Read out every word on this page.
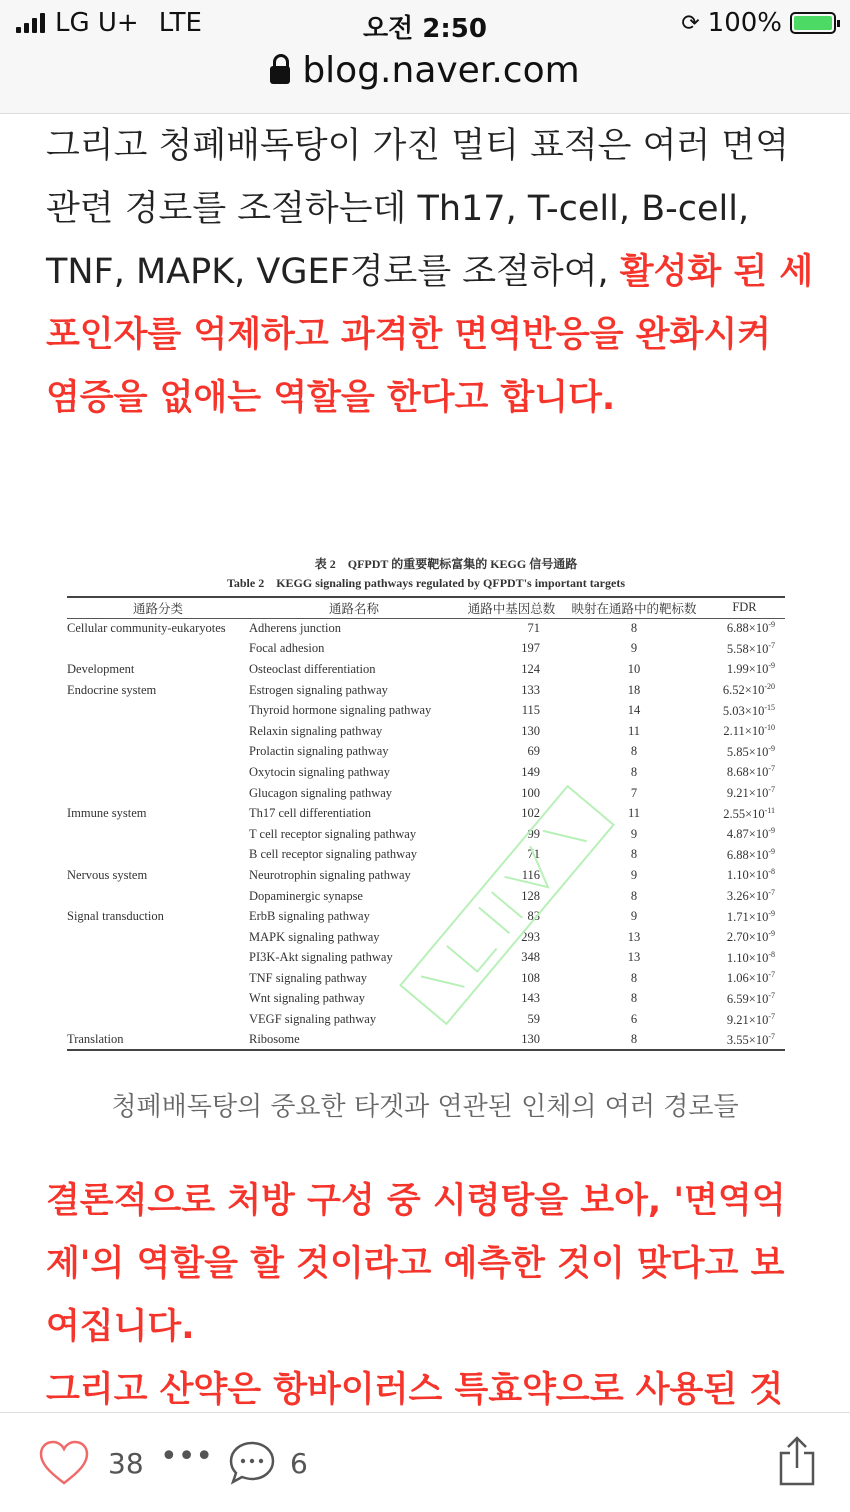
LG U+ LTE	오전 2:50	⟳ 100%
blog.naver.com
그리고 청폐배독탕이 가진 멀티 표적은 여러 면역 관련 경로를 조절하는데 Th17, T-cell, B-cell, TNF, MAPK, VGEF경로를 조절하여, 활성화 된 세포인자를 억제하고 과격한 면역반응을 완화시켜 염증을 없애는 역할을 한다고 합니다.
表 2　QFPDT 的重要靶标富集的 KEGG 信号通路
Table 2　KEGG signaling pathways regulated by QFPDT's important targets
通路分类	通路名称	通路中基因总数	映射在通路中的靶标数	FDR
Cellular community-eukaryotes	Adherens junction	71	8	$6.88\times 10^{-9}$
	Focal adhesion	197	9	$5.58\times 10^{-7}$
Development	Osteoclast differentiation	124	10	$1.99\times 10^{-9}$
Endocrine system	Estrogen signaling pathway	133	18	$6.52\times 10^{-20}$
	Thyroid hormone signaling pathway	115	14	$5.03\times 10^{-15}$
	Relaxin signaling pathway	130	11	$2.11\times 10^{-10}$
	Prolactin signaling pathway	69	8	$5.85\times 10^{-9}$
	Oxytocin signaling pathway	149	8	$8.68\times 10^{-7}$
	Glucagon signaling pathway	100	7	$9.21\times 10^{-7}$
Immune system	Th17 cell differentiation	102	11	$2.55\times 10^{-11}$
	T cell receptor signaling pathway	99	9	$4.87\times 10^{-9}$
	B cell receptor signaling pathway	71	8	$6.88\times 10^{-9}$
Nervous system	Neurotrophin signaling pathway	116	9	$1.10\times 10^{-8}$
	Dopaminergic synapse	128	8	$3.26\times 10^{-7}$
Signal transduction	ErbB signaling pathway	83	9	$1.71\times 10^{-9}$
	MAPK signaling pathway	293	13	$2.70\times 10^{-9}$
	PI3K-Akt signaling pathway	348	13	$1.10\times 10^{-8}$
	TNF signaling pathway	108	8	$1.06\times 10^{-7}$
	Wnt signaling pathway	143	8	$6.59\times 10^{-7}$
	VEGF signaling pathway	59	6	$9.21\times 10^{-7}$
Translation	Ribosome	130	8	$3.55\times 10^{-7}$
청폐배독탕의 중요한 타겟과 연관된 인체의 여러 경로들
결론적으로 처방 구성 중 시령탕을 보아, '면역억제'의 역할을 할 것이라고 예측한 것이 맞다고 보여집니다.
그리고 산약은 항바이러스 특효약으로 사용된 것
38 •••	6
